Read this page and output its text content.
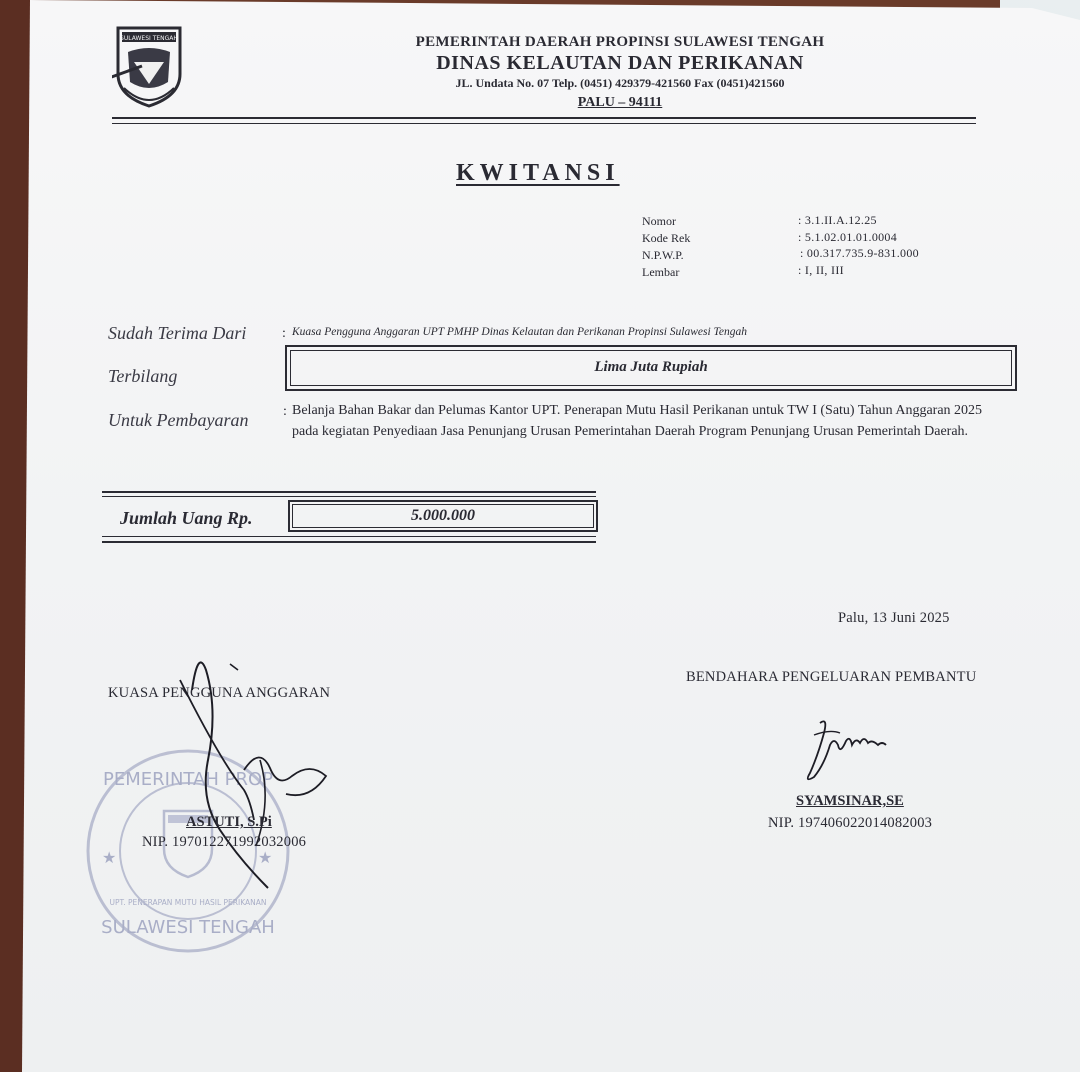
SULAWESI TENGAH	PEMERINTAH DAERAH PROPINSI SULAWESI TENGAH
DINAS KELAUTAN DAN PERIKANAN
JL. Undata No. 07 Telp. (0451) 429379-421560 Fax (0451)421560
PALU – 94111
KWITANSI
Nomor	: 3.1.II.A.12.25
Kode Rek	: 5.1.02.01.01.0004
N.P.W.P.	: 00.317.735.9-831.000
Lembar	: I, II, III
Sudah Terima Dari	: Kuasa Pengguna Anggaran UPT PMHP Dinas Kelautan dan Perikanan Propinsi Sulawesi Tengah
Terbilang	Lima Juta Rupiah
Untuk Pembayaran : Belanja Bahan Bakar dan Pelumas Kantor UPT. Penerapan Mutu Hasil Perikanan untuk TW I (Satu) Tahun Anggaran 2025 pada kegiatan Penyediaan Jasa Penunjang Urusan Pemerintahan Daerah Program Penunjang Urusan Pemerintah Daerah.
Jumlah Uang Rp.	5.000.000
Palu, 13 Juni 2025
★	★
PEMERINTAH PROP
SULAWESI TENGAH
UPT. PENERAPAN MUTU HASIL PERIKANAN
KUASA PENGGUNA ANGGARAN
ASTUTI, S.Pi
NIP. 197012271992032006
BENDAHARA PENGELUARAN PEMBANTU
SYAMSINAR,SE
NIP. 197406022014082003
